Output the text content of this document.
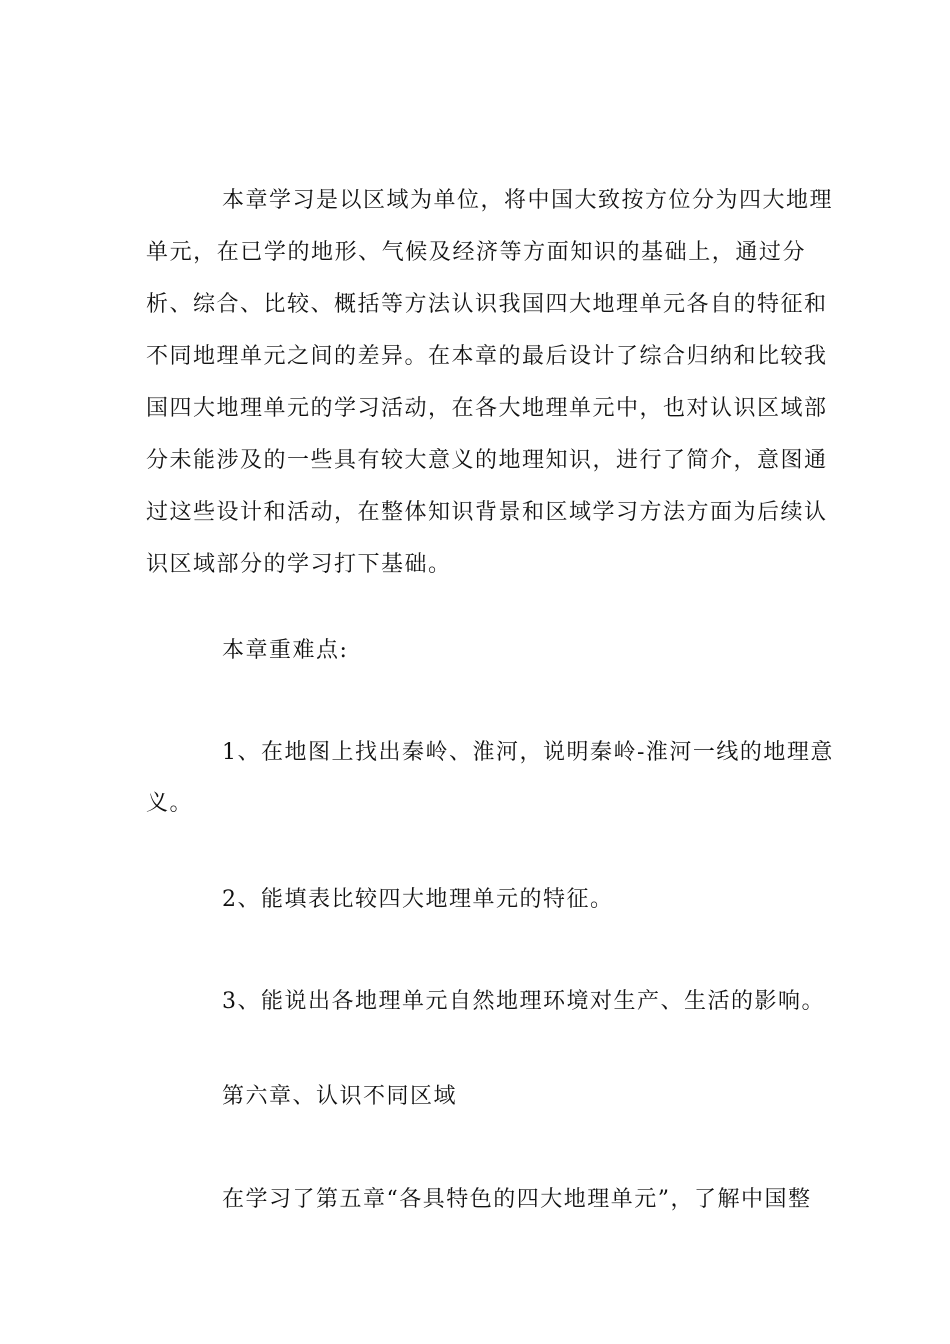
本章学习是以区域为单位，将中国大致按方位分为四大地理
单元，在已学的地形、气候及经济等方面知识的基础上，通过分
析、综合、比较、概括等方法认识我国四大地理单元各自的特征和
不同地理单元之间的差异。在本章的最后设计了综合归纳和比较我
国四大地理单元的学习活动，在各大地理单元中，也对认识区域部
分未能涉及的一些具有较大意义的地理知识，进行了简介，意图通
过这些设计和活动，在整体知识背景和区域学习方法方面为后续认
识区域部分的学习打下基础。
本章重难点:
1、在地图上找出秦岭、淮河，说明秦岭-淮河一线的地理意
义。
2、能填表比较四大地理单元的特征。
3、能说出各地理单元自然地理环境对生产、生活的影响。
第六章、认识不同区域
在学习了第五章“各具特色的四大地理单元”，了解中国整
